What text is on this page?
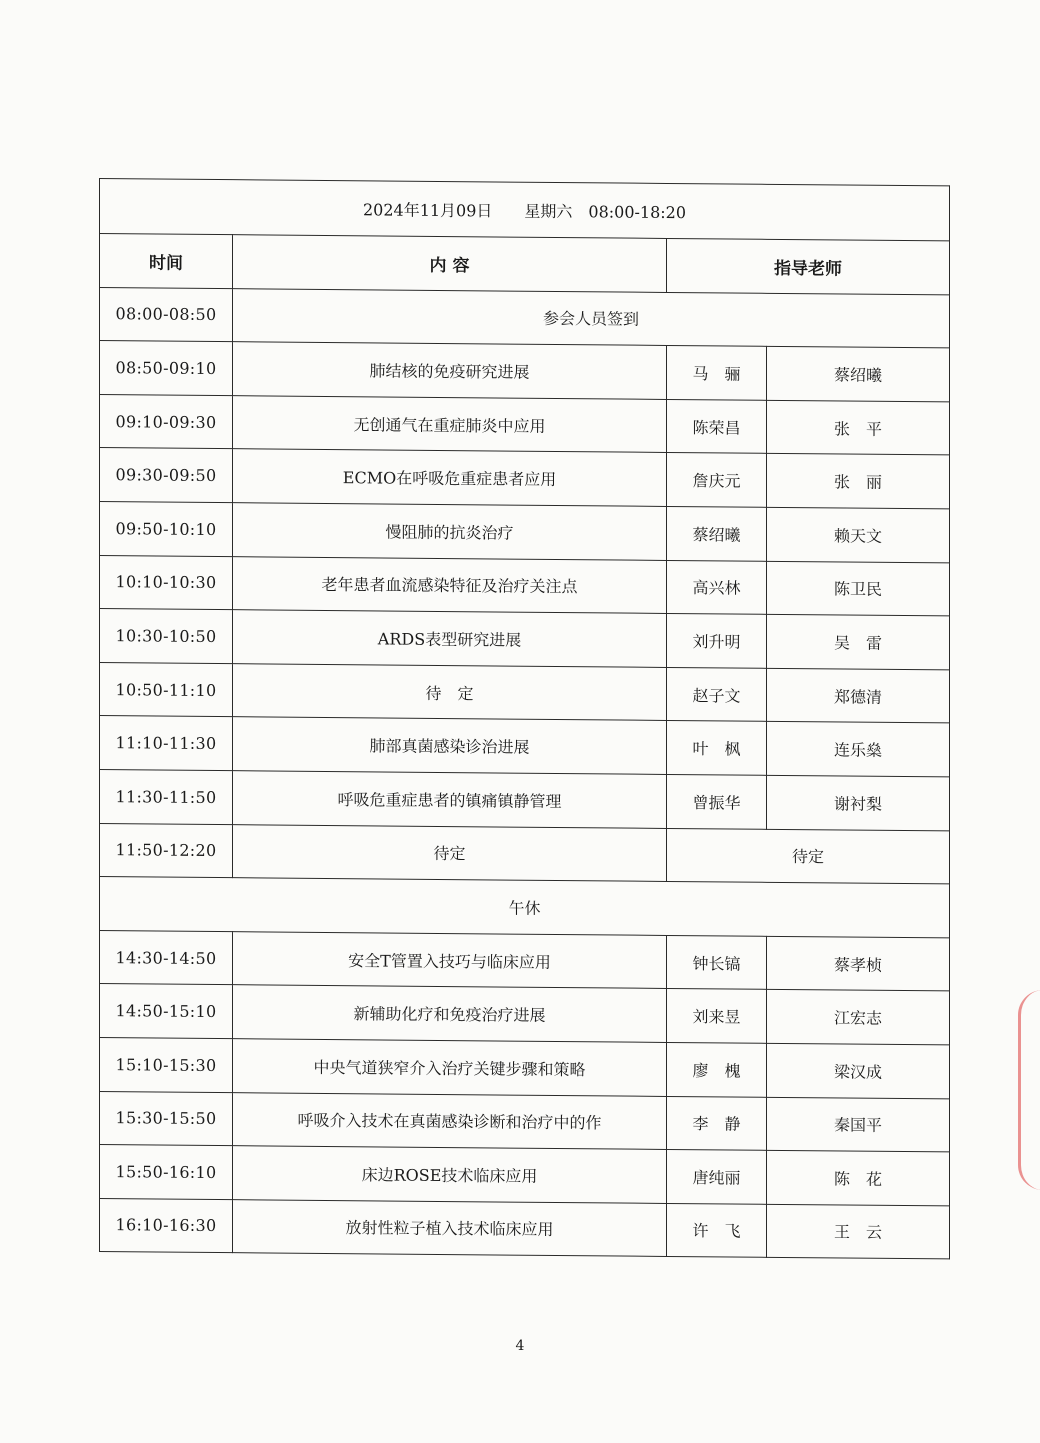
2024年11月09日　　星期六　08:00-18:20			
时间	内 容	指导老师	
08:00-08:50	参会人员签到		
08:50-09:10	肺结核的免疫研究进展	马　骊	蔡绍曦
09:10-09:30	无创通气在重症肺炎中应用	陈荣昌	张　平
09:30-09:50	ECMO在呼吸危重症患者应用	詹庆元	张　丽
09:50-10:10	慢阻肺的抗炎治疗	蔡绍曦	赖天文
10:10-10:30	老年患者血流感染特征及治疗关注点	高兴林	陈卫民
10:30-10:50	ARDS表型研究进展	刘升明	吴　雷
10:50-11:10	待　定	赵子文	郑德清
11:10-11:30	肺部真菌感染诊治进展	叶　枫	连乐燊
11:30-11:50	呼吸危重症患者的镇痛镇静管理	曾振华	谢衬梨
11:50-12:20	待定	待定	
午休			
14:30-14:50	安全T管置入技巧与临床应用	钟长镐	蔡孝桢
14:50-15:10	新辅助化疗和免疫治疗进展	刘来昱	江宏志
15:10-15:30	中央气道狭窄介入治疗关键步骤和策略	廖　槐	梁汉成
15:30-15:50	呼吸介入技术在真菌感染诊断和治疗中的作	李　静	秦国平
15:50-16:10	床边ROSE技术临床应用	唐纯丽	陈　花
16:10-16:30	放射性粒子植入技术临床应用	许　飞	王　云
4
